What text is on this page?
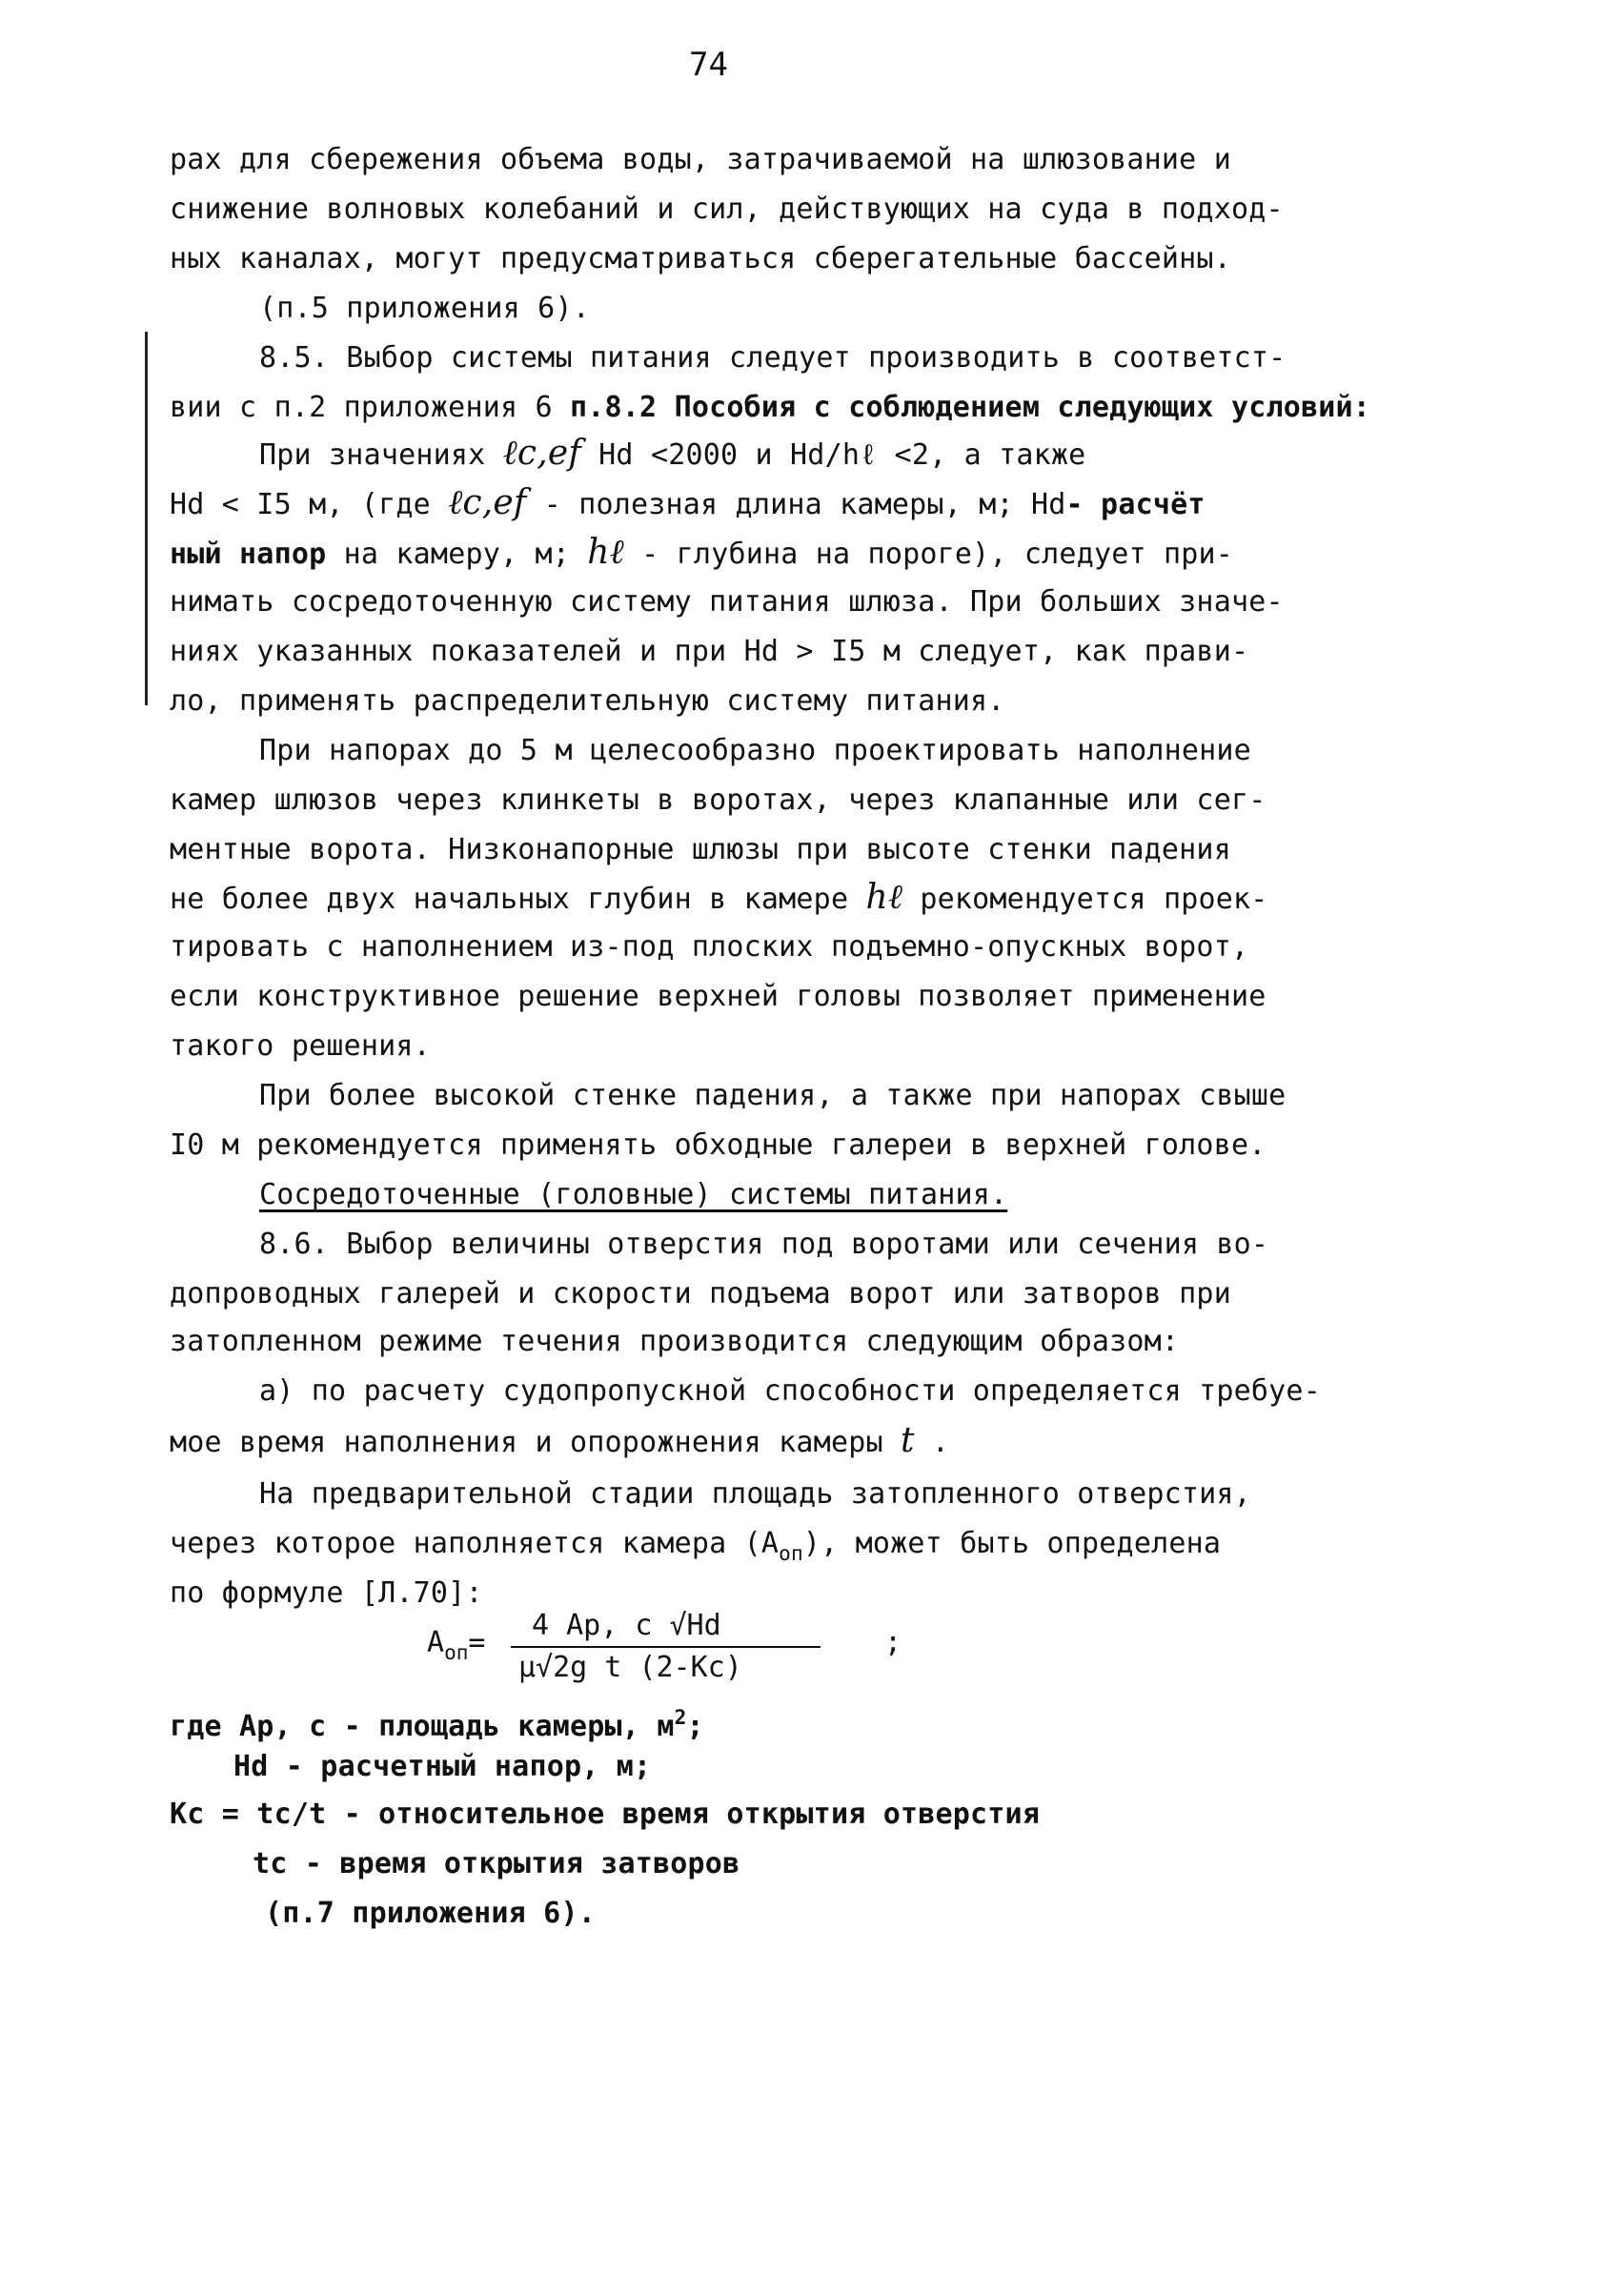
74
рах для сбережения объема воды, затрачиваемой на шлюзование и
снижение волновых колебаний и сил, действующих на суда в подход-
ных каналах, могут предусматриваться сберегательные бассейны.
(п.5 приложения 6).
8.5. Выбор системы питания следует производить в соответст-
вии с п.2 приложения 6 п.8.2 Пособия с соблюдением следующих условий:
При значениях ℓc,ef Hd <2000 и Hd/hℓ <2, а также
Hd < I5 м, (где ℓc,ef - полезная длина камеры, м; Hd- расчёт
ный напор на камеру, м; hℓ - глубина на пороге), следует при-
нимать сосредоточенную систему питания шлюза. При больших значе-
ниях указанных показателей и при Hd > I5 м следует, как прави-
ло, применять распределительную систему питания.
При напорах до 5 м целесообразно проектировать наполнение
камер шлюзов через клинкеты в воротах, через клапанные или сег-
ментные ворота. Низконапорные шлюзы при высоте стенки падения
не более двух начальных глубин в камере hℓ рекомендуется проек-
тировать с наполнением из-под плоских подъемно-опускных ворот,
если конструктивное решение верхней головы позволяет применение
такого решения.
При более высокой стенке падения, а также при напорах свыше
I0 м рекомендуется применять обходные галереи в верхней голове.
Сосредоточенные (головные) системы питания.
8.6. Выбор величины отверстия под воротами или сечения во-
допроводных галерей и скорости подъема ворот или затворов при
затопленном режиме течения производится следующим образом:
а) по расчету судопропускной способности определяется требуе-
мое время наполнения и опорожнения камеры t .
На предварительной стадии площадь затопленного отверстия,
через которое наполняется камера $(A_{оп})$, может быть определена
по формуле [Л.70]:
$A_{оп}=$
4 Ар, с √Hd
μ√2g t (2-Кс)
;
где Ар, с - площадь камеры, $м^2$;
Hd - расчетный напор, м;
Кс = tc/t - относительное время открытия отверстия
tc - время открытия затворов
(п.7 приложения 6).
